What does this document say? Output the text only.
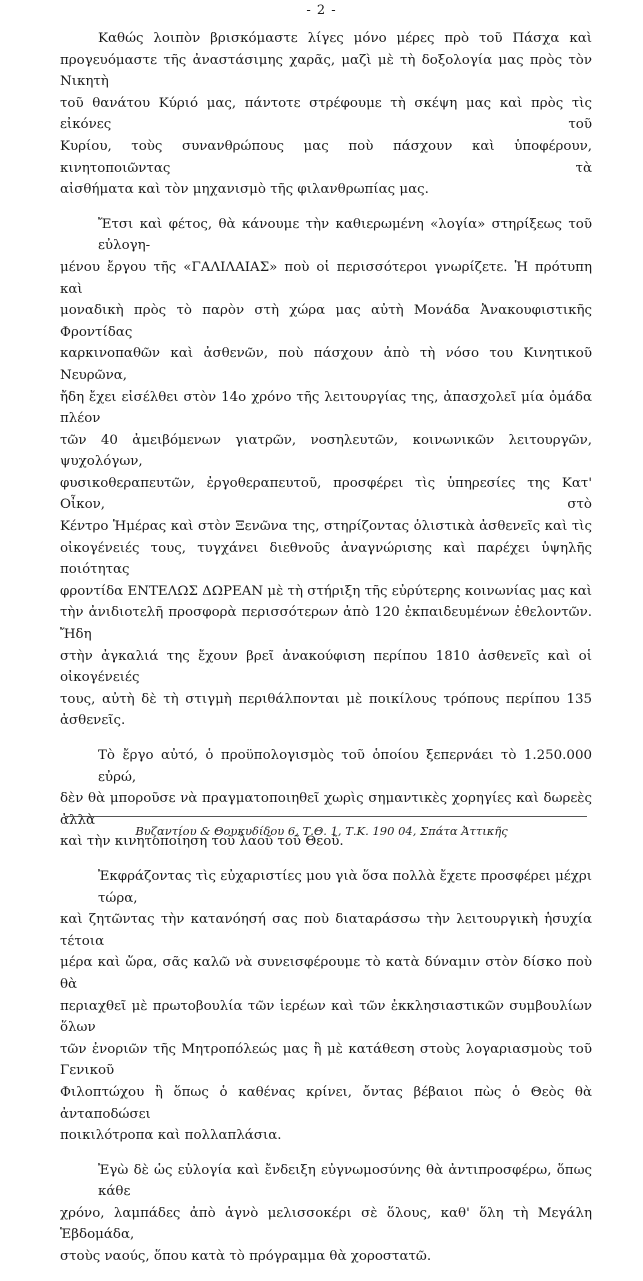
- 2 -

Καθώς λοιπὸν βρισκόμαστε λίγες μόνο μέρες πρὸ τοῦ Πάσχα καὶ
προγευόμαστε τῆς ἀναστάσιμης χαρᾶς, μαζὶ μὲ τὴ δοξολογία μας πρὸς τὸν Νικητὴ
τοῦ θανάτου Κύριό μας, πάντοτε στρέφουμε τὴ σκέψη μας καὶ πρὸς τὶς εἰκόνες τοῦ
Κυρίου, τοὺς συνανθρώπους μας ποὺ πάσχουν καὶ ὑποφέρουν, κινητοποιῶντας τὰ
αἰσθήματα καὶ τὸν μηχανισμὸ τῆς φιλανθρωπίας μας.

Ἔτσι καὶ φέτος, θὰ κάνουμε τὴν καθιερωμένη «λογία» στηρίξεως τοῦ εὐλογη-
μένου ἔργου τῆς «ΓΑΛΙΛΑΙΑΣ» ποὺ οἱ περισσότεροι γνωρίζετε. Ἡ πρότυπη καὶ
μοναδικὴ πρὸς τὸ παρὸν στὴ χώρα μας αὐτὴ Μονάδα Ἀνακουφιστικῆς Φροντίδας
καρκινοπαθῶν καὶ ἀσθενῶν, ποὺ πάσχουν ἀπὸ τὴ νόσο του Κινητικοῦ Νευρῶνα,
ἤδη ἔχει εἰσέλθει στὸν 14ο χρόνο τῆς λειτουργίας της, ἀπασχολεῖ μία ὁμάδα πλέον
τῶν 40 ἀμειβόμενων γιατρῶν, νοσηλευτῶν, κοινωνικῶν λειτουργῶν, ψυχολόγων,
φυσικοθεραπευτῶν, ἐργοθεραπευτοῦ, προσφέρει τὶς ὑπηρεσίες της Κατ' Οἶκον, στὸ
Κέντρο Ἡμέρας καὶ στὸν Ξενῶνα της, στηρίζοντας ὁλιστικὰ ἀσθενεῖς καὶ τὶς
οἰκογένειές τους, τυγχάνει διεθνοῦς ἀναγνώρισης καὶ παρέχει ὑψηλῆς ποιότητας
φροντίδα ΕΝΤΕΛΩΣ ΔΩΡΕΑΝ μὲ τὴ στήριξη τῆς εὐρύτερης κοινωνίας μας καὶ
τὴν ἀνιδιοτελῆ προσφορὰ περισσότερων ἀπὸ 120 ἐκπαιδευμένων ἐθελοντῶν. Ἤδη
στὴν ἀγκαλιά της ἔχουν βρεῖ ἀνακούφιση περίπου 1810 ἀσθενεῖς καὶ οἱ οἰκογένειές
τους, αὐτὴ δὲ τὴ στιγμὴ περιθάλπονται μὲ ποικίλους τρόπους περίπου 135 ἀσθενεῖς.

Τὸ ἔργο αὐτό, ὁ προϋπολογισμὸς τοῦ ὁποίου ξεπερνάει τὸ 1.250.000 εὐρώ,
δὲν θὰ μποροῦσε νὰ πραγματοποιηθεῖ χωρὶς σημαντικὲς χορηγίες καὶ δωρεὲς ἀλλὰ
καὶ τὴν κινητοποίηση τοῦ λαοῦ τοῦ Θεοῦ.

Ἐκφράζοντας τὶς εὐχαριστίες μου γιὰ ὅσα πολλὰ ἔχετε προσφέρει μέχρι τώρα,
καὶ ζητῶντας τὴν κατανόησή σας ποὺ διαταράσσω τὴν λειτουργικὴ ἡσυχία τέτοια
μέρα καὶ ὥρα, σᾶς καλῶ νὰ συνεισφέρουμε τὸ κατὰ δύναμιν στὸν δίσκο ποὺ θὰ
περιαχθεῖ μὲ πρωτοβουλία τῶν ἱερέων καὶ τῶν ἐκκλησιαστικῶν συμβουλίων ὅλων
τῶν ἐνοριῶν τῆς Μητροπόλεώς μας ἢ μὲ κατάθεση στοὺς λογαριασμοὺς τοῦ Γενικοῦ
Φιλοπτώχου ἢ ὅπως ὁ καθένας κρίνει, ὄντας βέβαιοι πὼς ὁ Θεὸς θὰ ἀνταποδώσει
ποικιλότροπα καὶ πολλαπλάσια.

Ἐγὼ δὲ ὡς εὐλογία καὶ ἔνδειξη εὐγνωμοσύνης θὰ ἀντιπροσφέρω, ὅπως κάθε
χρόνο, λαμπάδες ἀπὸ ἁγνὸ μελισσοκέρι σὲ ὅλους, καθ' ὅλη τὴ Μεγάλη Ἑβδομάδα,
στοὺς ναούς, ὅπου κατὰ τὸ πρόγραμμα θὰ χοροστατῶ.

Βυζαντίου & Θουκυδίδου 6, Τ.Θ. 1, Τ.Κ. 190 04, Σπάτα Ἀττικῆς
